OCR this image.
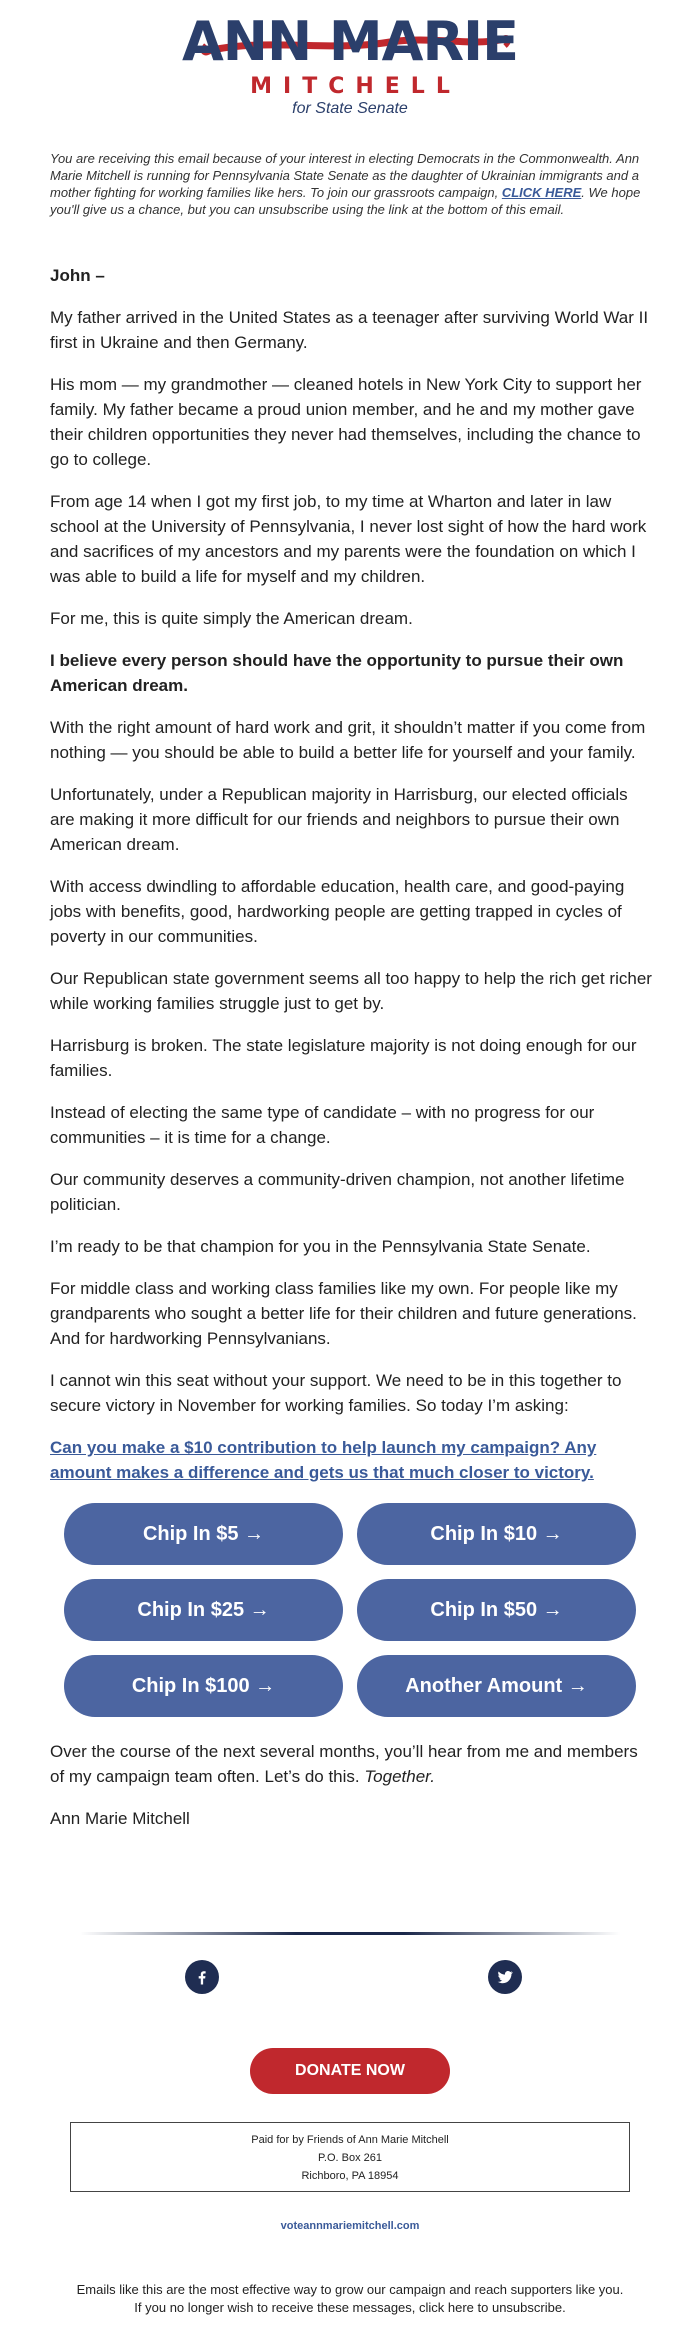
ANN MARIE
MITCHELL
for State Senate
You are receiving this email because of your interest in electing Democrats in the Commonwealth. Ann Marie Mitchell is running for Pennsylvania State Senate as the daughter of Ukrainian immigrants and a mother fighting for working families like hers. To join our grassroots campaign, CLICK HERE. We hope you'll give us a chance, but you can unsubscribe using the link at the bottom of this email.

John –

My father arrived in the United States as a teenager after surviving World War II first in Ukraine and then Germany.

His mom — my grandmother — cleaned hotels in New York City to support her family. My father became a proud union member, and he and my mother gave their children opportunities they never had themselves, including the chance to go to college.

From age 14 when I got my first job, to my time at Wharton and later in law school at the University of Pennsylvania, I never lost sight of how the hard work and sacrifices of my ancestors and my parents were the foundation on which I was able to build a life for myself and my children.

For me, this is quite simply the American dream.

I believe every person should have the opportunity to pursue their own American dream.

With the right amount of hard work and grit, it shouldn’t matter if you come from nothing — you should be able to build a better life for yourself and your family.

Unfortunately, under a Republican majority in Harrisburg, our elected officials are making it more difficult for our friends and neighbors to pursue their own American dream.

With access dwindling to affordable education, health care, and good-paying jobs with benefits, good, hardworking people are getting trapped in cycles of poverty in our communities.

Our Republican state government seems all too happy to help the rich get richer while working families struggle just to get by.

Harrisburg is broken. The state legislature majority is not doing enough for our families.

Instead of electing the same type of candidate – with no progress for our communities – it is time for a change.

Our community deserves a community-driven champion, not another lifetime politician.

I’m ready to be that champion for you in the Pennsylvania State Senate.

For middle class and working class families like my own. For people like my grandparents who sought a better life for their children and future generations. And for hardworking Pennsylvanians.

I cannot win this seat without your support. We need to be in this together to secure victory in November for working families. So today I’m asking:

Can you make a $10 contribution to help launch my campaign? Any amount makes a difference and gets us that much closer to victory.

Chip In $5 →	Chip In $10 →
Chip In $25 →	Chip In $50 →
Chip In $100 →	Another Amount →

Over the course of the next several months, you’ll hear from me and members of my campaign team often. Let’s do this. Together.

Ann Marie Mitchell

DONATE NOW
Paid for by Friends of Ann Marie Mitchell
P.O. Box 261
Richboro, PA 18954
voteannmariemitchell.com
Emails like this are the most effective way to grow our campaign and reach supporters like you.
If you no longer wish to receive these messages, click here to unsubscribe.
